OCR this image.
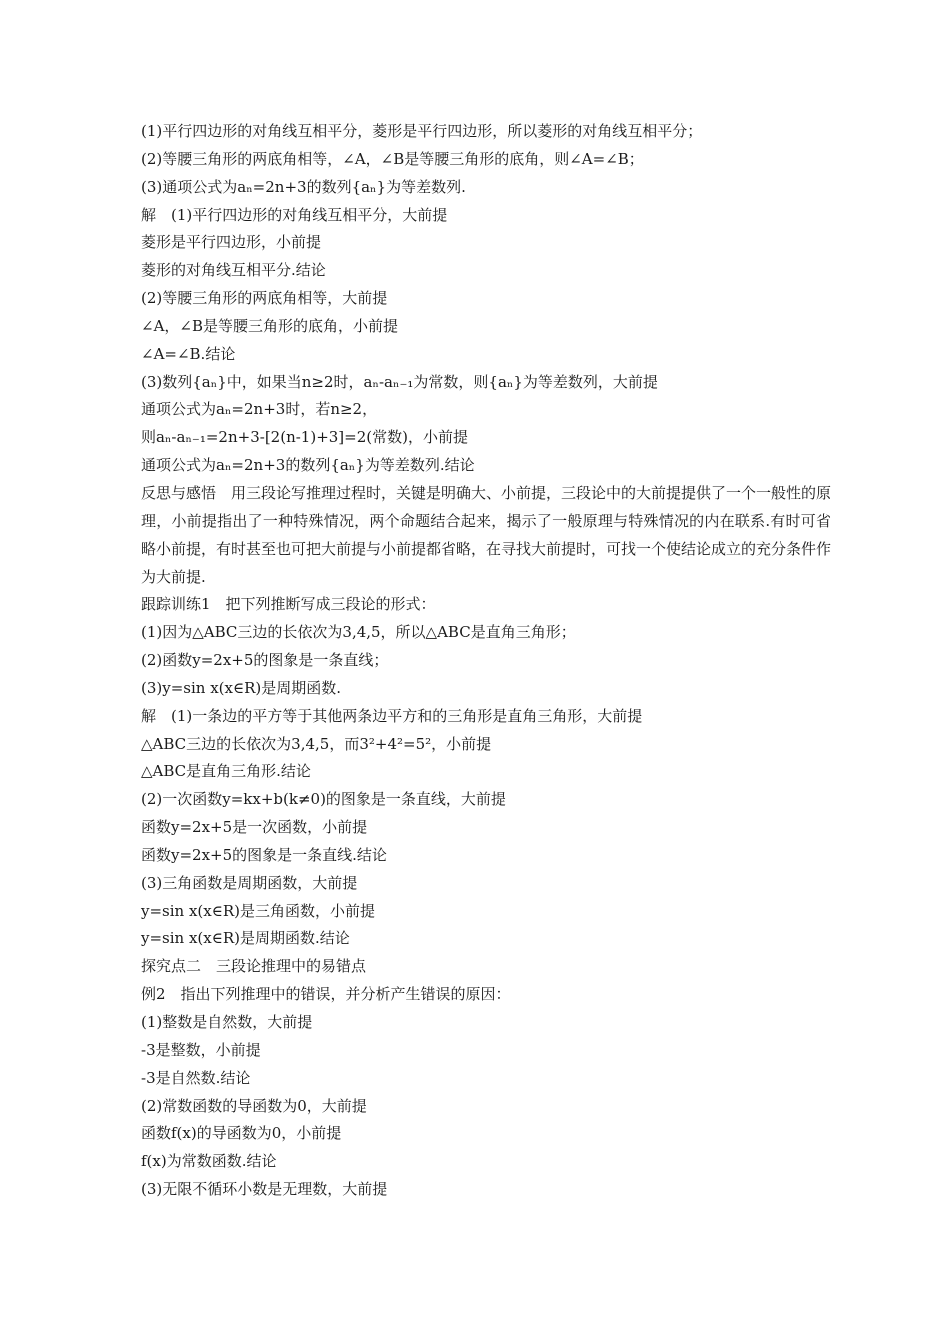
(1)平行四边形的对角线互相平分，菱形是平行四边形，所以菱形的对角线互相平分；

(2)等腰三角形的两底角相等，∠A，∠B是等腰三角形的底角，则∠A=∠B；

(3)通项公式为aₙ=2n+3的数列{aₙ}为等差数列.

解　(1)平行四边形的对角线互相平分，大前提

菱形是平行四边形，小前提

菱形的对角线互相平分.结论

(2)等腰三角形的两底角相等，大前提

∠A，∠B是等腰三角形的底角，小前提

∠A=∠B.结论

(3)数列{aₙ}中，如果当n≥2时，aₙ-aₙ₋₁为常数，则{aₙ}为等差数列，大前提

通项公式为aₙ=2n+3时，若n≥2，

则aₙ-aₙ₋₁=2n+3-[2(n-1)+3]=2(常数)，小前提

通项公式为aₙ=2n+3的数列{aₙ}为等差数列.结论

反思与感悟　用三段论写推理过程时，关键是明确大、小前提，三段论中的大前提提供了一个一般性的原理，小前提指出了一种特殊情况，两个命题结合起来，揭示了一般原理与特殊情况的内在联系.有时可省略小前提，有时甚至也可把大前提与小前提都省略，在寻找大前提时，可找一个使结论成立的充分条件作为大前提.

跟踪训练1　把下列推断写成三段论的形式：

(1)因为△ABC三边的长依次为3,4,5，所以△ABC是直角三角形；

(2)函数y=2x+5的图象是一条直线；

(3)y=sin x(x∈R)是周期函数.

解　(1)一条边的平方等于其他两条边平方和的三角形是直角三角形，大前提

△ABC三边的长依次为3,4,5，而3²+4²=5²，小前提

△ABC是直角三角形.结论

(2)一次函数y=kx+b(k≠0)的图象是一条直线，大前提

函数y=2x+5是一次函数，小前提

函数y=2x+5的图象是一条直线.结论

(3)三角函数是周期函数，大前提

y=sin x(x∈R)是三角函数，小前提

y=sin x(x∈R)是周期函数.结论

探究点二　三段论推理中的易错点

例2　指出下列推理中的错误，并分析产生错误的原因：

(1)整数是自然数，大前提

-3是整数，小前提

-3是自然数.结论

(2)常数函数的导函数为0，大前提

函数f(x)的导函数为0，小前提

f(x)为常数函数.结论

(3)无限不循环小数是无理数，大前提
